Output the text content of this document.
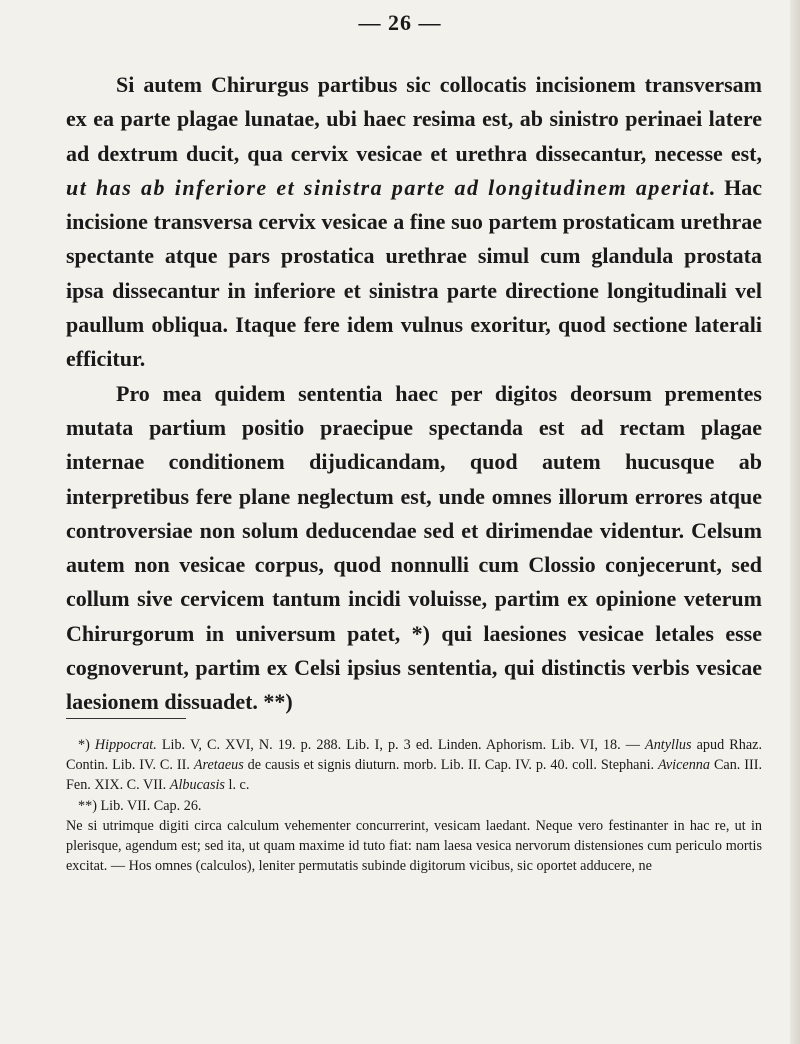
— 26 —

Si autem Chirurgus partibus sic collocatis incisionem transversam ex ea parte plagae lunatae, ubi haec resima est, ab sinistro perinaei latere ad dextrum ducit, qua cervix vesicae et urethra dissecantur, necesse est, ut has ab inferiore et sinistra parte ad longitudinem aperiat. Hac incisione transversa cervix vesicae a fine suo partem prostaticam urethrae spectante atque pars prostatica urethrae simul cum glandula prostata ipsa dissecantur in inferiore et sinistra parte directione longitudinali vel paullum obliqua. Itaque fere idem vulnus exoritur, quod sectione laterali efficitur.

Pro mea quidem sententia haec per digitos deorsum prementes mutata partium positio praecipue spectanda est ad rectam plagae internae conditionem dijudicandam, quod autem hucusque ab interpretibus fere plane neglectum est, unde omnes illorum errores atque controversiae non solum deducendae sed et dirimendae videntur. Celsum autem non vesicae corpus, quod nonnulli cum Clossio conjecerunt, sed collum sive cervicem tantum incidi voluisse, partim ex opinione veterum Chirurgorum in universum patet, *) qui laesiones vesicae letales esse cognoverunt, partim ex Celsi ipsius sententia, qui distinctis verbis vesicae laesionem dissuadet. **)

*) Hippocrat. Lib. V, C. XVI, N. 19. p. 288. Lib. I, p. 3 ed. Linden. Aphorism. Lib. VI, 18. — Antyllus apud Rhaz. Contin. Lib. IV. C. II. Aretaeus de causis et signis diuturn. morb. Lib. II. Cap. IV. p. 40. coll. Stephani. Avicenna Can. III. Fen. XIX. C. VII. Albucasis l. c.

**) Lib. VII. Cap. 26.

Ne si utrimque digiti circa calculum vehementer concurrerint, vesicam laedant. Neque vero festinanter in hac re, ut in plerisque, agendum est; sed ita, ut quam maxime id tuto fiat: nam laesa vesica nervorum distensiones cum periculo mortis excitat. — Hos omnes (calculos), leniter permutatis subinde digitorum vicibus, sic oportet adducere, ne
